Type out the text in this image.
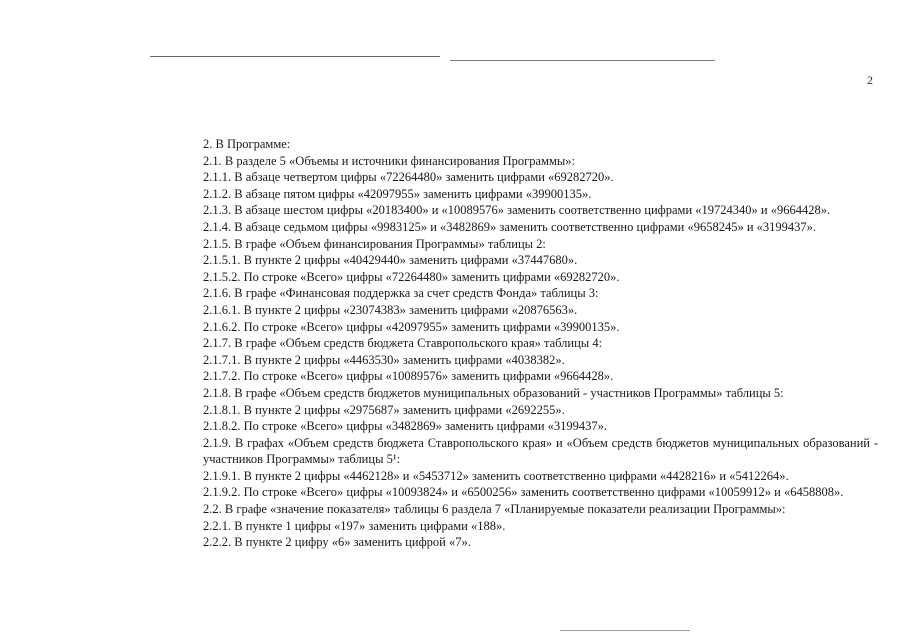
2
2. В Программе:
2.1. В разделе 5 «Объемы и источники финансирования Программы»:
2.1.1. В абзаце четвертом цифры «72264480» заменить цифрами «69282720».
2.1.2. В абзаце пятом цифры «42097955» заменить цифрами «39900135».
2.1.3. В абзаце шестом цифры «20183400» и «10089576» заменить соответственно цифрами «19724340» и «9664428».
2.1.4. В абзаце седьмом цифры «9983125» и «3482869» заменить соответственно цифрами «9658245» и «3199437».
2.1.5. В графе «Объем финансирования Программы» таблицы 2:
2.1.5.1. В пункте 2 цифры «40429440» заменить цифрами «37447680».
2.1.5.2. По строке «Всего» цифры «72264480» заменить цифрами «69282720».
2.1.6. В графе «Финансовая поддержка за счет средств Фонда» таблицы 3:
2.1.6.1. В пункте 2 цифры «23074383» заменить цифрами «20876563».
2.1.6.2. По строке «Всего» цифры «42097955» заменить цифрами «39900135».
2.1.7. В графе «Объем средств бюджета Ставропольского края» таблицы 4:
2.1.7.1. В пункте 2 цифры «4463530» заменить цифрами «4038382».
2.1.7.2. По строке «Всего» цифры «10089576» заменить цифрами «9664428».
2.1.8. В графе «Объем средств бюджетов муниципальных образований - участников Программы» таблицы 5:
2.1.8.1. В пункте 2 цифры «2975687» заменить цифрами «2692255».
2.1.8.2. По строке «Всего» цифры «3482869» заменить цифрами «3199437».
2.1.9. В графах «Объем средств бюджета Ставропольского края» и «Объем средств бюджетов муниципальных образований - участников Программы» таблицы 5¹:
2.1.9.1. В пункте 2 цифры «4462128» и «5453712» заменить соответственно цифрами «4428216» и «5412264».
2.1.9.2. По строке «Всего» цифры «10093824» и «6500256» заменить соответственно цифрами «10059912» и «6458808».
2.2. В графе «значение показателя» таблицы 6 раздела 7 «Планируемые показатели реализации Программы»:
2.2.1. В пункте 1 цифры «197» заменить цифрами «188».
2.2.2. В пункте 2 цифру «6» заменить цифрой «7».
